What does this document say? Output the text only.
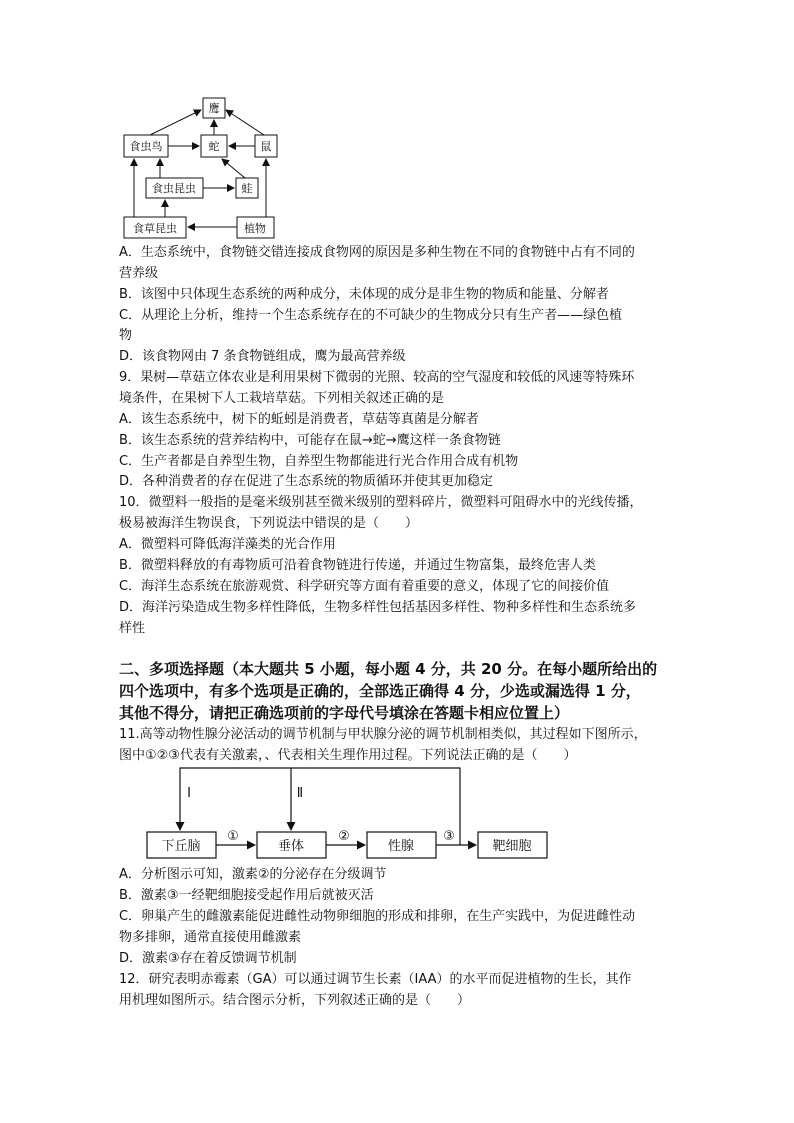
鹰
食虫鸟	蛇	鼠
食虫昆虫	蛙
食草昆虫	植物
A．生态系统中，食物链交错连接成食物网的原因是多种生物在不同的食物链中占有不同的
营养级
B．该图中只体现生态系统的两种成分，未体现的成分是非生物的物质和能量、分解者
C．从理论上分析，维持一个生态系统存在的不可缺少的生物成分只有生产者——绿色植
物
D．该食物网由 7 条食物链组成，鹰为最高营养级
9．果树—草菇立体农业是利用果树下微弱的光照、较高的空气湿度和较低的风速等特殊环
境条件，在果树下人工栽培草菇。下列相关叙述正确的是
A．该生态系统中，树下的蚯蚓是消费者，草菇等真菌是分解者
B．该生态系统的营养结构中，可能存在鼠→蛇→鹰这样一条食物链
C．生产者都是自养型生物，自养型生物都能进行光合作用合成有机物
D．各种消费者的存在促进了生态系统的物质循环并使其更加稳定
10．微塑料一般指的是毫米级别甚至微米级别的塑料碎片，微塑料可阻碍水中的光线传播，
极易被海洋生物误食，下列说法中错误的是（　　）
A．微塑料可降低海洋藻类的光合作用
B．微塑料释放的有毒物质可沿着食物链进行传递，并通过生物富集，最终危害人类
C．海洋生态系统在旅游观赏、科学研究等方面有着重要的意义，体现了它的间接价值
D．海洋污染造成生物多样性降低，生物多样性包括基因多样性、物种多样性和生态系统多
样性
二、多项选择题（本大题共 5 小题，每小题 4 分，共 20 分。在每小题所给出的
四个选项中，有多个选项是正确的，全部选正确得 4 分，少选或漏选得 1 分，
其他不得分，请把正确选项前的字母代号填涂在答题卡相应位置上）
11.高等动物性腺分泌活动的调节机制与甲状腺分泌的调节机制相类似，其过程如下图所示，
图中①②③代表有关激素，、代表相关生理作用过程。下列说法正确的是（　　）
下丘脑	垂体	性腺	靶细胞
①	②	③
I	Ⅱ
A．分析图示可知，激素②的分泌存在分级调节
B．激素③一经靶细胞接受起作用后就被灭活
C．卵巢产生的雌激素能促进雌性动物卵细胞的形成和排卵，在生产实践中，为促进雌性动
物多排卵，通常直接使用雌激素
D．激素③存在着反馈调节机制
12．研究表明赤霉素（GA）可以通过调节生长素（IAA）的水平而促进植物的生长，其作
用机理如图所示。结合图示分析，下列叙述正确的是（　　）
